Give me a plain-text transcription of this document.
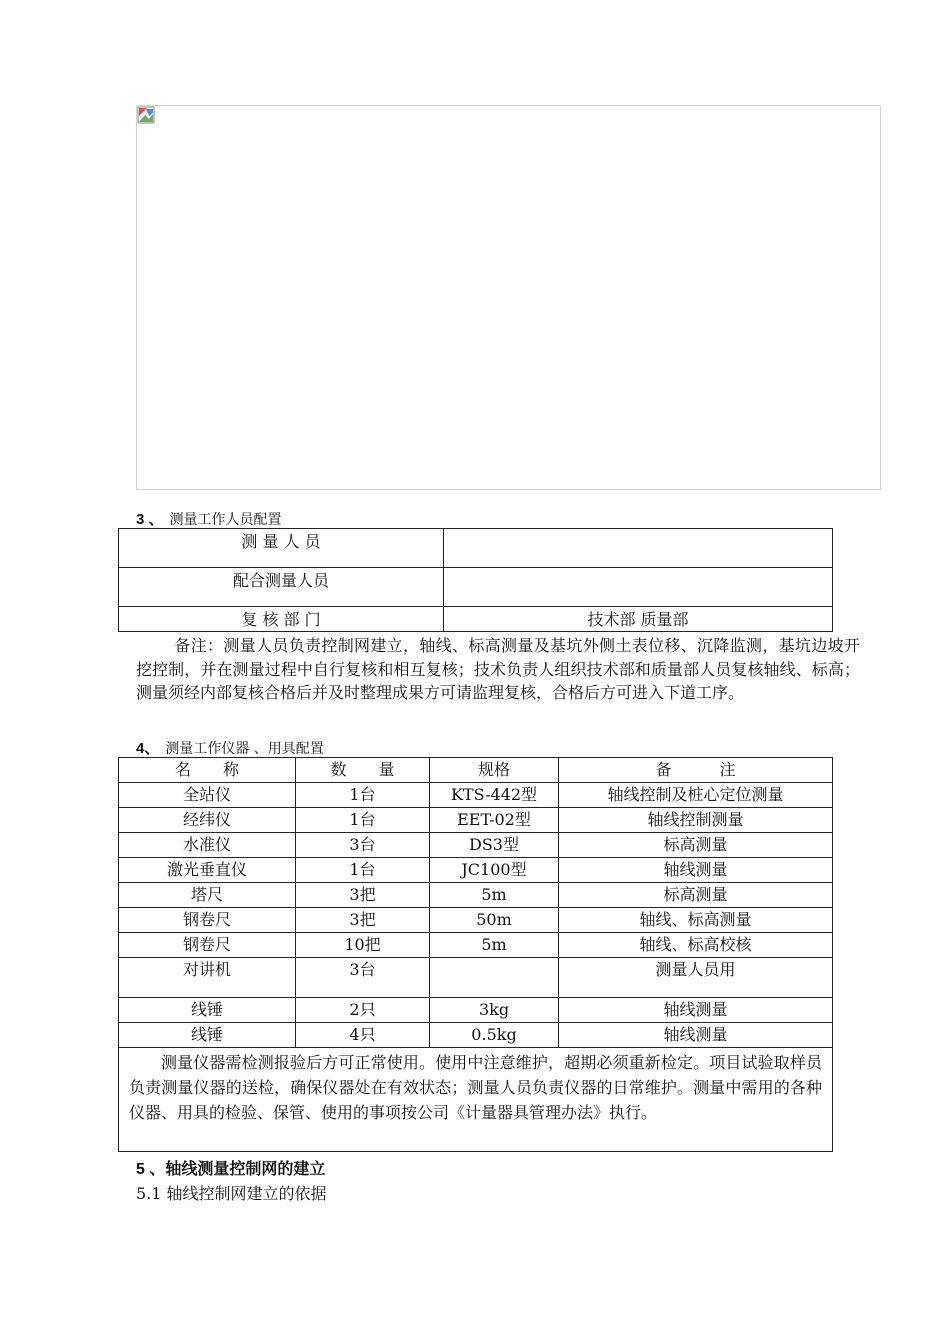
3 、 测量工作人员配置
测 量 人 员	
配合测量人员	
复 核 部 门	技术部 质量部
备注：测量人员负责控制网建立，轴线、标高测量及基坑外侧土表位移、沉降监测，基坑边坡开挖控制，并在测量过程中自行复核和相互复核；技术负责人组织技术部和质量部人员复核轴线、标高；测量须经内部复核合格后并及时整理成果方可请监理复核，合格后方可进入下道工序。
4、 测量工作仪器 、用具配置
名　　称	数　　量	规格	备　　　注
全站仪	1台	KTS-442型	轴线控制及桩心定位测量
经纬仪	1台	EET-02型	轴线控制测量
水准仪	3台	DS3型	标高测量
激光垂直仪	1台	JC100型	轴线测量
塔尺	3把	5m	标高测量
钢卷尺	3把	50m	轴线、标高测量
钢卷尺	10把	5m	轴线、标高校核
对讲机	3台		测量人员用
线锤	2只	3kg	轴线测量
线锤	4只	0.5kg	轴线测量
测量仪器需检测报验后方可正常使用。使用中注意维护，超期必须重新检定。项目试验取样员负责测量仪器的送检，确保仪器处在有效状态；测量人员负责仪器的日常维护。测量中需用的各种仪器、用具的检验、保管、使用的事项按公司《计量器具管理办法》执行。			
5 、轴线测量控制网的建立
5.1 轴线控制网建立的依据
